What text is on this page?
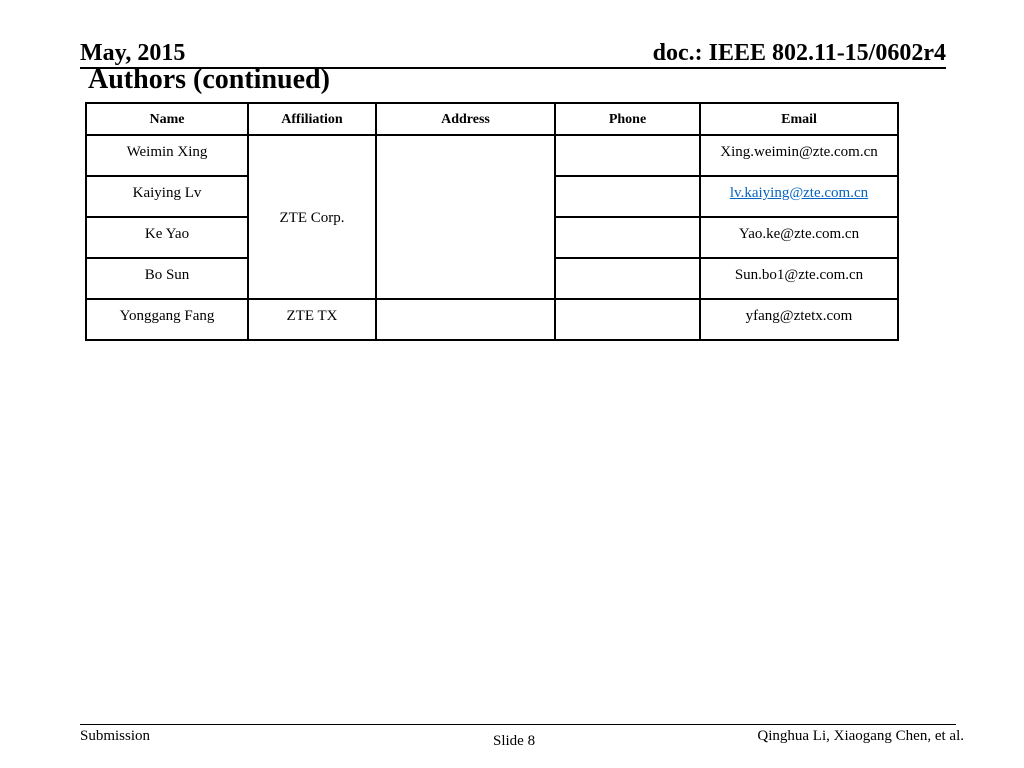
May, 2015	doc.: IEEE 802.11-15/0602r4
Authors (continued)
Name	Affiliation	Address	Phone	Email
Weimin Xing	ZTE Corp.			Xing.weimin@zte.com.cn
Kaiying Lv				lv.kaiying@zte.com.cn
Ke Yao				Yao.ke@zte.com.cn
Bo Sun				Sun.bo1@zte.com.cn
Yonggang Fang	ZTE TX			yfang@ztetx.com
Submission	Slide 8	Qinghua Li, Xiaogang Chen, et al.
